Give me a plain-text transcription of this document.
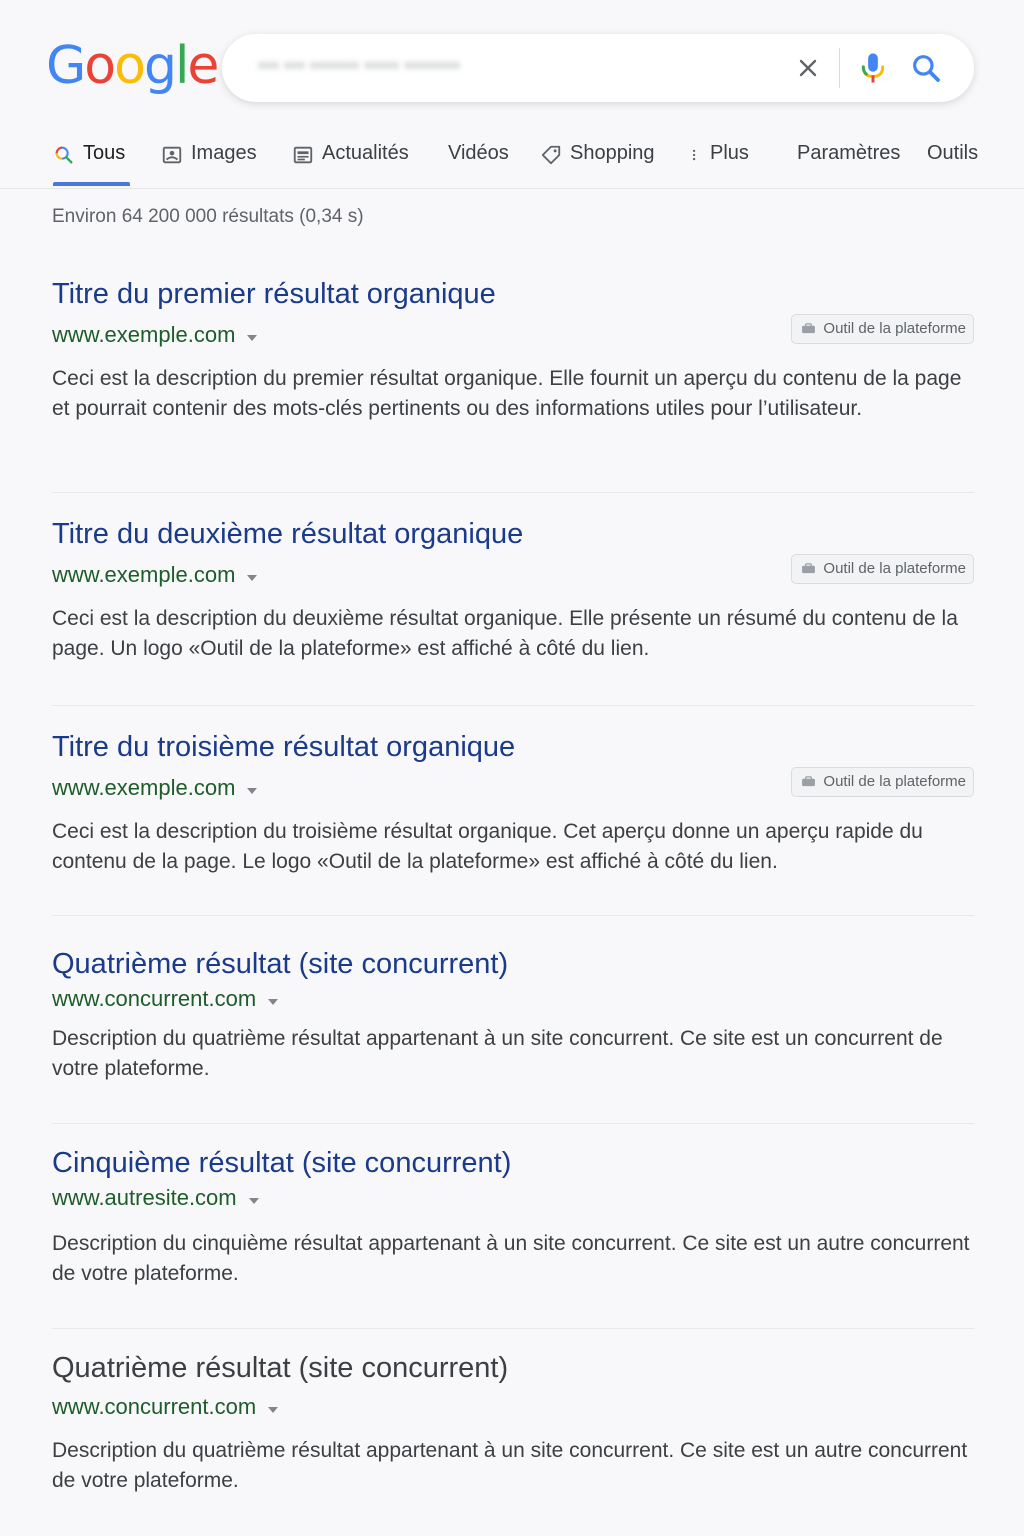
Google
*** *** ******* ***** ********
Tous	Images	Actualités Vidéos	Shopping	Plus Paramètres Outils
Environ 64 200 000 résultats (0,34 s)
Titre du premier résultat organique
www.exemple.com	Outil de la plateforme
Ceci est la description du premier résultat organique. Elle fournit un aperçu du contenu de la page et pourrait contenir des mots-clés pertinents ou des informations utiles pour l’utilisateur.
Titre du deuxième résultat organique
www.exemple.com	Outil de la plateforme
Ceci est la description du deuxième résultat organique. Elle présente un résumé du contenu de la page. Un logo «Outil de la plateforme» est affiché à côté du lien.
Titre du troisième résultat organique
www.exemple.com	Outil de la plateforme
Ceci est la description du troisième résultat organique. Cet aperçu donne un aperçu rapide du contenu de la page. Le logo «Outil de la plateforme» est affiché à côté du lien.
Quatrième résultat (site concurrent)
www.concurrent.com
Description du quatrième résultat appartenant à un site concurrent. Ce site est un concurrent de votre plateforme.
Cinquième résultat (site concurrent)
www.autresite.com
Description du cinquième résultat appartenant à un site concurrent. Ce site est un autre concurrent de votre plateforme.
Quatrième résultat (site concurrent)
www.concurrent.com
Description du quatrième résultat appartenant à un site concurrent. Ce site est un autre concurrent de votre plateforme.
